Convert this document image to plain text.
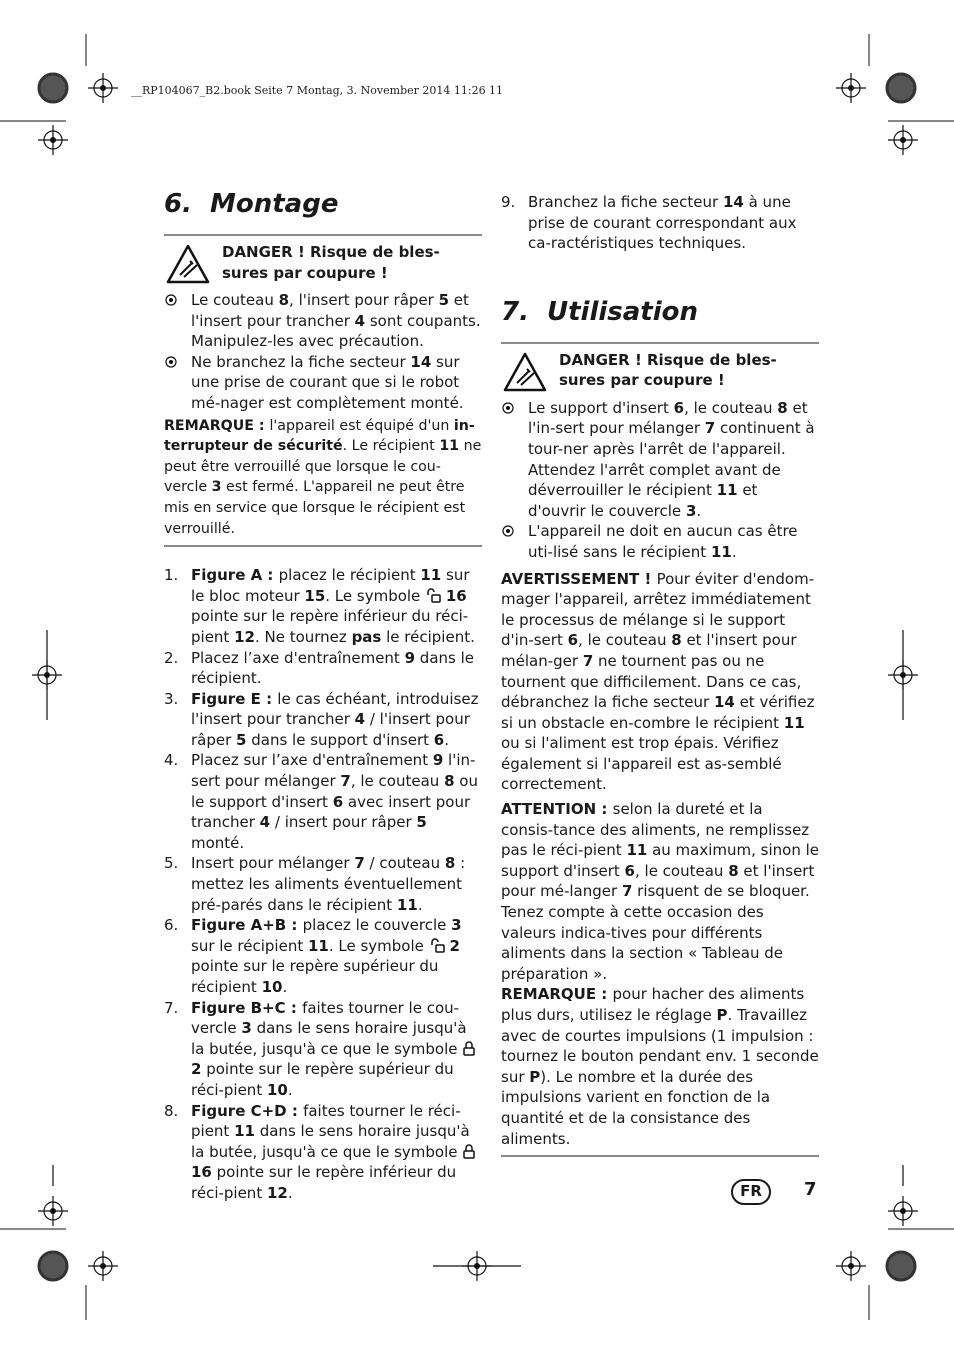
__RP104067_B2.book Seite 7 Montag, 3. November 2014 11:26 11
6. Montage
DANGER ! Risque de bles-
sures par coupure !
Le couteau 8, l'insert pour râper 5 et l'insert pour trancher 4 sont coupants. Manipulez-les avec précaution.
Ne branchez la fiche secteur 14 sur une prise de courant que si le robot mé-nager est complètement monté.

REMARQUE : l'appareil est équipé d'un in-terrupteur de sécurité. Le récipient 11 ne peut être verrouillé que lorsque le cou-vercle 3 est fermé. L'appareil ne peut être mis en service que lorsque le récipient est verrouillé.

1. Figure A : placez le récipient 11 sur le bloc moteur 15. Le symbole  16 pointe sur le repère inférieur du réci-pient 12. Ne tournez pas le récipient.
2. Placez l’axe d'entraînement 9 dans le récipient.
3. Figure E : le cas échéant, introduisez l'insert pour trancher 4 / l'insert pour râper 5 dans le support d'insert 6.
4. Placez sur l’axe d'entraînement 9 l'in-sert pour mélanger 7, le couteau 8 ou le support d'insert 6 avec insert pour trancher 4 / insert pour râper 5 monté.
5. Insert pour mélanger 7 / couteau 8 : mettez les aliments éventuellement pré-parés dans le récipient 11.
6. Figure A+B : placez le couvercle 3 sur le récipient 11. Le symbole  2 pointe sur le repère supérieur du récipient 10.
7. Figure B+C : faites tourner le cou-vercle 3 dans le sens horaire jusqu'à la butée, jusqu'à ce que le symbole  2 pointe sur le repère supérieur du réci-pient 10.
8. Figure C+D : faites tourner le réci-pient 11 dans le sens horaire jusqu'à la butée, jusqu'à ce que le symbole  16 pointe sur le repère inférieur du réci-pient 12.
9. Branchez la fiche secteur 14 à une prise de courant correspondant aux ca-ractéristiques techniques.
7. Utilisation
DANGER ! Risque de bles-
sures par coupure !
Le support d'insert 6, le couteau 8 et l'in-sert pour mélanger 7 continuent à tour-ner après l'arrêt de l'appareil. Attendez l'arrêt complet avant de déverrouiller le récipient 11 et d'ouvrir le couvercle 3.
L'appareil ne doit en aucun cas être uti-lisé sans le récipient 11.

AVERTISSEMENT ! Pour éviter d'endom-mager l'appareil, arrêtez immédiatement le processus de mélange si le support d'in-sert 6, le couteau 8 et l'insert pour mélan-ger 7 ne tournent pas ou ne tournent que difficilement. Dans ce cas, débranchez la fiche secteur 14 et vérifiez si un obstacle en-combre le récipient 11 ou si l'aliment est trop épais. Vérifiez également si l'appareil est as-semblé correctement.

ATTENTION : selon la dureté et la consis-tance des aliments, ne remplissez pas le réci-pient 11 au maximum, sinon le support d'insert 6, le couteau 8 et l'insert pour mé-langer 7 risquent de se bloquer. Tenez compte à cette occasion des valeurs indica-tives pour différents aliments dans la section « Tableau de préparation ».

REMARQUE : pour hacher des aliments plus durs, utilisez le réglage P. Travaillez avec de courtes impulsions (1 impulsion : tournez le bouton pendant env. 1 seconde sur P). Le nombre et la durée des impulsions varient en fonction de la quantité et de la consistance des aliments.

FR	7
